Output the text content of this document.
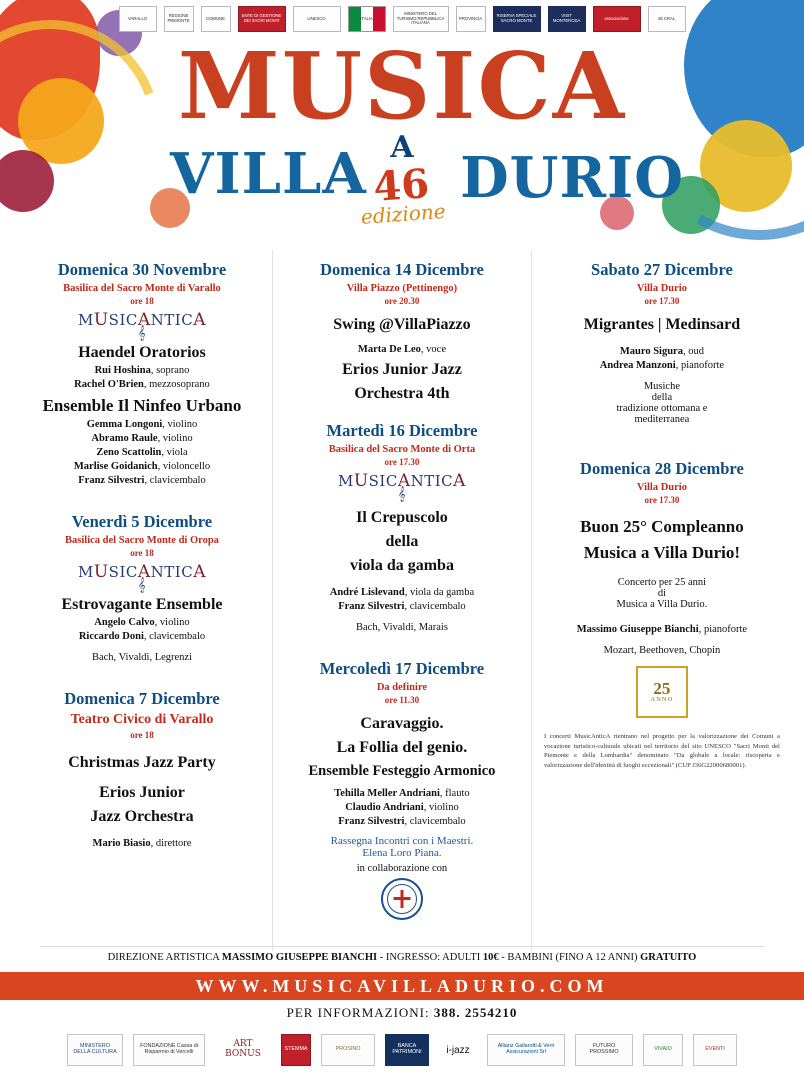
MUSICA
VILLA A DURIO
46
edizione
VARALLO	REGIONE PIEMONTE	COMUNE	ENTE DI GESTIONE DEI SACRI MONTI	UNESCO	ITALIA
MINISTERO DEL TURISMO REPUBBLICA ITALIANA
PROVINCIA	RISERVA SPECIALE SACRO MONTE
VISIT MONTEROSA	associazione	26 CRAL
Domenica 30 Novembre
Basilica del Sacro Monte di Varallo
ore 18
MUSICANTICA
𝄞
Haendel Oratorios
Rui Hoshina, soprano
Rachel O'Brien, mezzosoprano
Ensemble Il Ninfeo Urbano
Gemma Longoni, violino
Abramo Raule, violino
Zeno Scattolin, viola
Marlise Goidanich, violoncello
Franz Silvestri, clavicembalo
Venerdì 5 Dicembre
Basilica del Sacro Monte di Oropa
ore 18
MUSICANTICA
𝄞
Estrovagante Ensemble
Angelo Calvo, violino
Riccardo Doni, clavicembalo
Bach, Vivaldi, Legrenzi
Domenica 7 Dicembre
Teatro Civico di Varallo
ore 18
Christmas Jazz Party
Erios Junior
Jazz Orchestra
Mario Biasio, direttore
Domenica 14 Dicembre
Villa Piazzo (Pettinengo)
ore 20.30
Swing @VillaPiazzo
Marta De Leo, voce
Erios Junior Jazz
Orchestra 4th
Martedì 16 Dicembre
Basilica del Sacro Monte di Orta
ore 17.30
MUSICANTICA
𝄞
Il Crepuscolo
della
viola da gamba
André Lislevand, viola da gamba
Franz Silvestri, clavicembalo
Bach, Vivaldi, Marais
Mercoledì 17 Dicembre
Da definire
ore 11.30
Caravaggio.
La Follia del genio.
Ensemble Festeggio Armonico
Tehilla Meller Andriani, flauto
Claudio Andriani, violino
Franz Silvestri, clavicembalo
Rassegna Incontri con i Maestri.
Elena Loro Piana.
in collaborazione con
Sabato 27 Dicembre
Villa Durio
ore 17.30
Migrantes | Medinsard
Mauro Sigura, oud
Andrea Manzoni, pianoforte
Musiche
della
tradizione ottomana e
mediterranea
Domenica 28 Dicembre
Villa Durio
ore 17.30
Buon 25° Compleanno
Musica a Villa Durio!
Concerto per 25 anni
di
Musica a Villa Durio.
Massimo Giuseppe Bianchi, pianoforte
Mozart, Beethoven, Chopin
25
ANNO
I concerti MusicAnticA rientrano nel progetto per la valorizzazione dei Comuni a vocazione turistico-culturale ubicati nel territorio del sito UNESCO "Sacri Monti del Piemonte e della Lombardia" denominato "Da globale a locale: riscoperta e valorizzazione dell'identità di luoghi eccezionali" (CUP J36G22000680001).
DIREZIONE ARTISTICA MASSIMO GIUSEPPE BIANCHI - INGRESSO: ADULTI 10€ - BAMBINI (FINO A 12 ANNI) GRATUITO
WWW.MUSICAVILLADURIO.COM
PER INFORMAZIONI: 388. 2554210
MINISTERO DELLA CULTURA
FONDAZIONE Cassa di Risparmio di Vercelli
ART BONUS	STEMMA	PROSINO	BANCA PATRIMONI	i-jazz	Allianz Gallarotti & Verri Assicurazioni Srl
FUTURO PROSSIMO	VIVAIO	EVENTI
